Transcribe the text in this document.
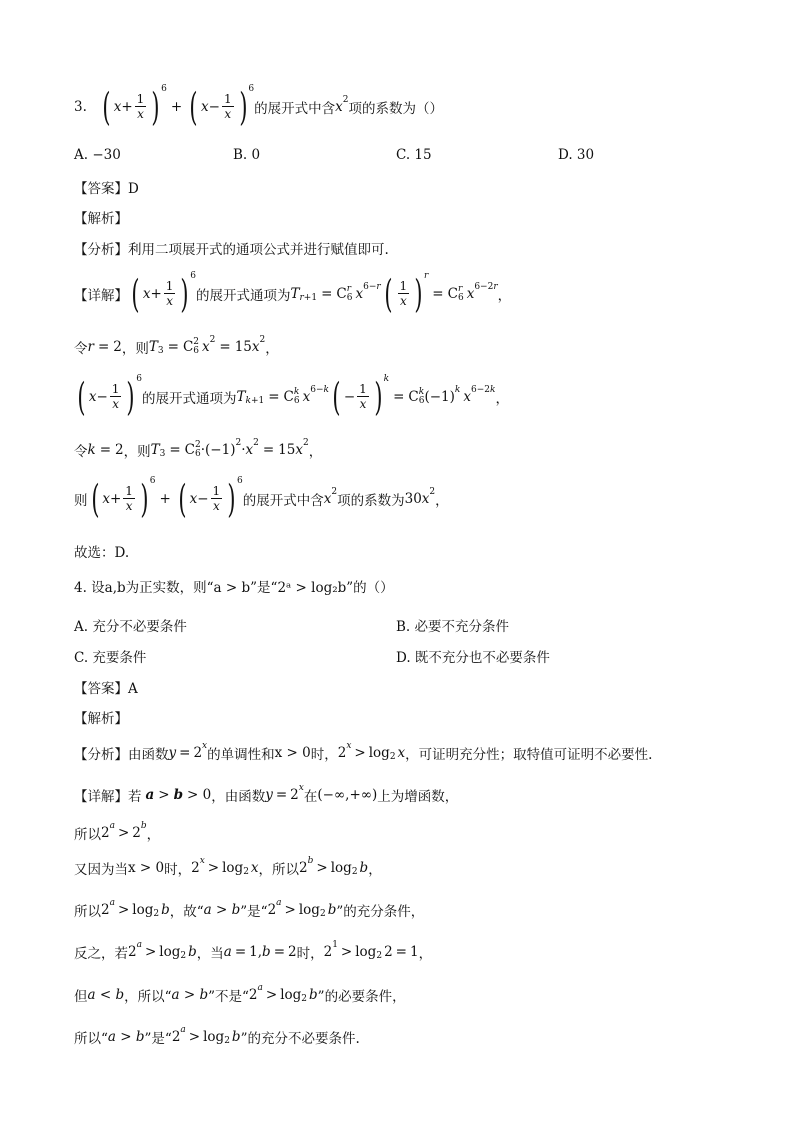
3. ( $x + \frac{1}{x}$ ) 6
+ ( $x - \frac{1}{x}$ ) 6
的展开式中含 x 2
项的系数为（）
A. −30	B. 0	C. 15	D. 30
【答案】D
【解析】
【分析】利用二项展开式的通项公式并进行赋值即可.
【详解】 ( $x + \frac{1}{x}$ ) 6
的展开式通项为 T r +1 = C r
6 x 6−r ( $\frac{1}{x}$ ) r
= C r
6 x 6−2r
，
令 r = 2 ，则 T 3 = C 2
6 x 2 = 15 x 2
，
( $x - \frac{1}{x}$ ) 6
的展开式通项为 T k +1 = C k
6 x 6−k ( − $\frac{1}{x}$ ) k
= C k
6 (−1) k x 6−2k
，
令 k = 2 ，则 T 3 = C 2
6 ·(−1) 2 · x 2 = 15 x 2
，
则 ( $x + \frac{1}{x}$ ) 6
+ ( $x - \frac{1}{x}$ ) 6
的展开式中含 x 2
项的系数为 30 x 2
，
故选：D.
4. 设a,b为正实数，则“a > b”是“2ᵃ > log₂b”的（）
A. 充分不必要条件	B. 必要不充分条件
C. 充要条件	D. 既不充分也不必要条件
【答案】A
【解析】
【分析】由函数 y = 2 x
的单调性和 x > 0 时， 2 x > log 2 x ，可证明充分性；取特值可证明不必要性.
【详解】若 a > b > 0 ，由函数 y = 2 x
在 (−∞,+∞) 上为增函数，
所以 2 a > 2 b
，
又因为当 x > 0 时， 2 x > log 2 x ，所以 2 b > log 2 b ，
所以 2 a > log 2 b ，故“ a > b ”是“ 2 a > log 2 b ”的充分条件，
反之，若 2 a > log 2 b ，当 a = 1, b = 2 时， 2 1 > log 2 2 = 1 ，
但 a < b ，所以“ a > b ”不是“ 2 a > log 2 b ”的必要条件，
所以“ a > b ”是“ 2 a > log 2 b ”的充分不必要条件.
